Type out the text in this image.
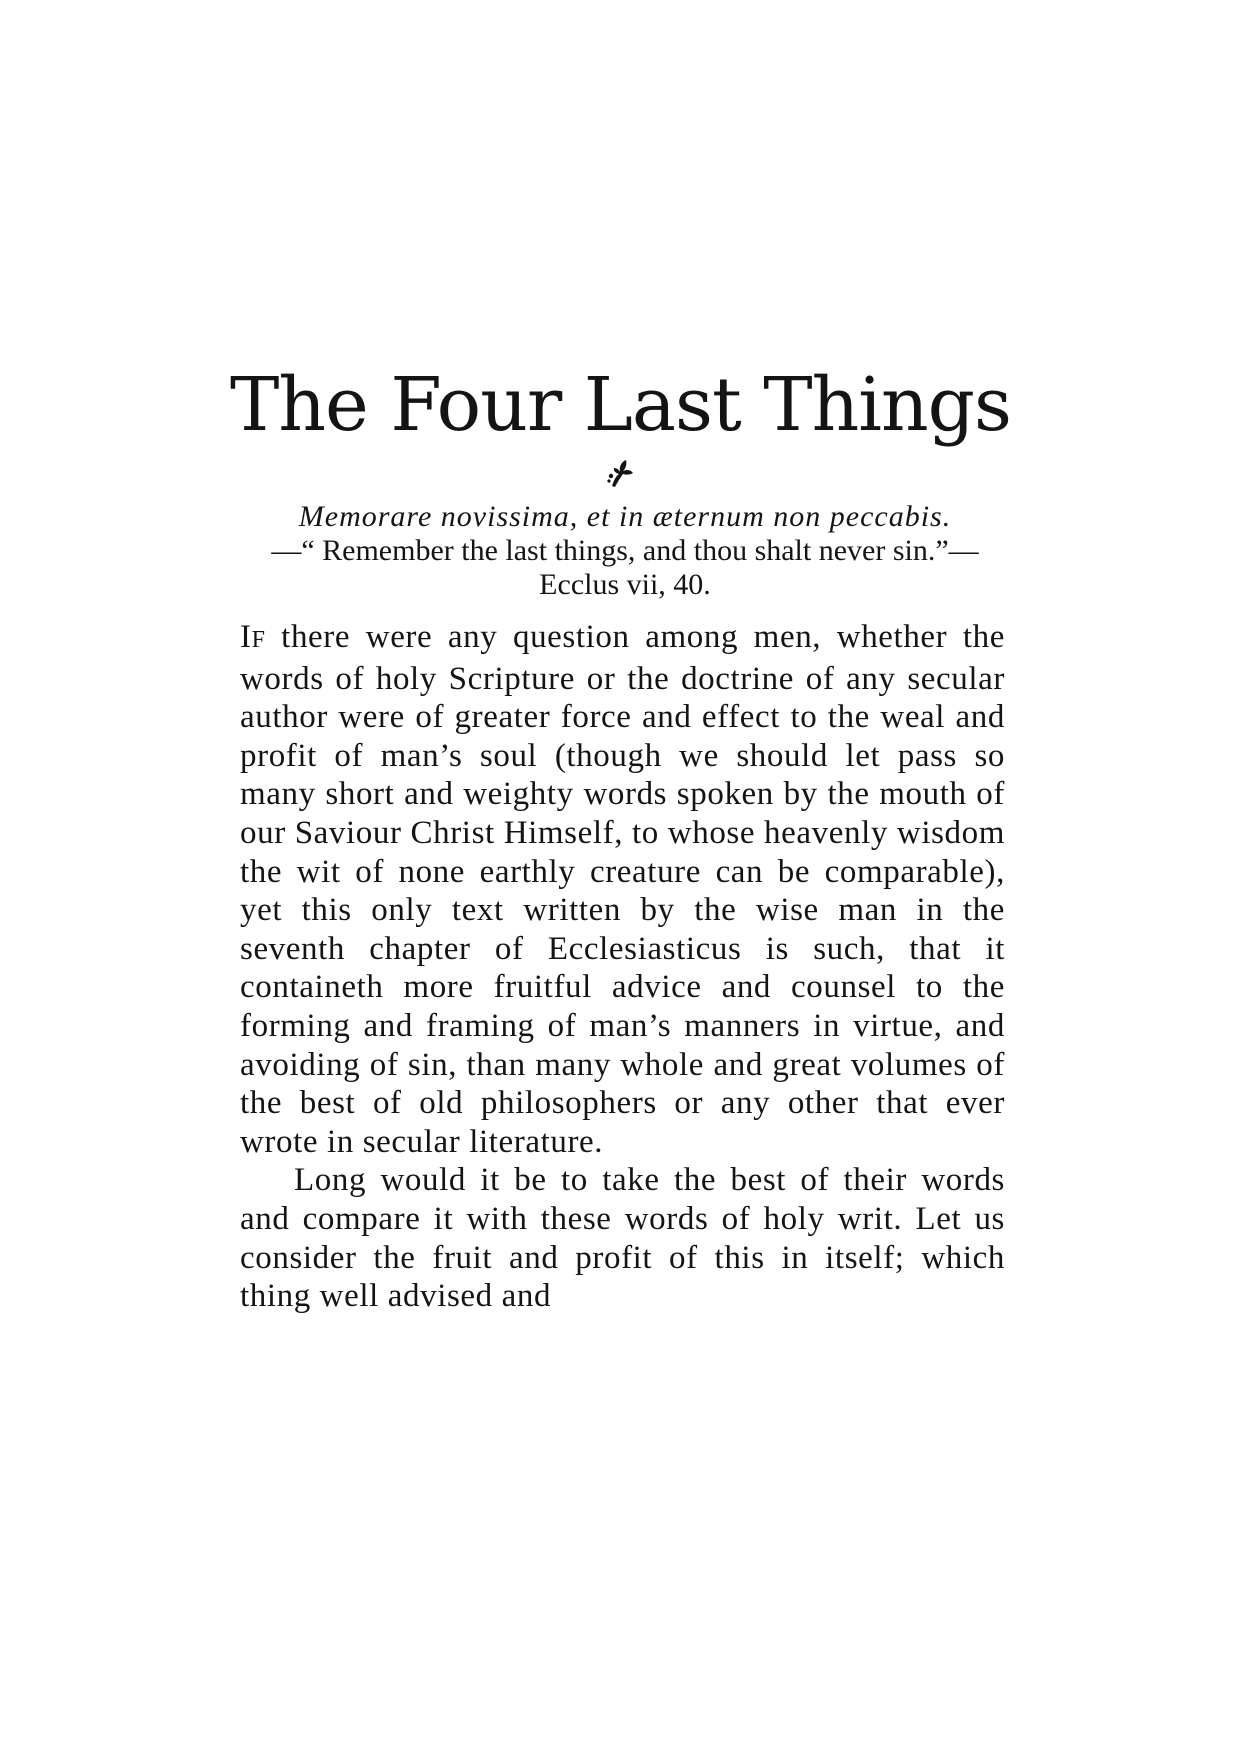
The Four Last Things
Memorare novissima, et in æternum non peccabis.
—“ Remember the last things, and thou shalt never sin.”—Ecclus vii, 40.

IF there were any question among men, whether the words of holy Scripture or the doctrine of any secular author were of greater force and effect to the weal and profit of man’s soul (though we should let pass so many short and weighty words spoken by the mouth of our Saviour Christ Himself, to whose heavenly wisdom the wit of none earthly creature can be comparable), yet this only text written by the wise man in the seventh chapter of Ecclesiasticus is such, that it containeth more fruitful advice and counsel to the forming and framing of man’s manners in virtue, and avoiding of sin, than many whole and great volumes of the best of old philosophers or any other that ever wrote in secular literature.

Long would it be to take the best of their words and compare it with these words of holy writ. Let us consider the fruit and profit of this in itself; which thing well advised and
